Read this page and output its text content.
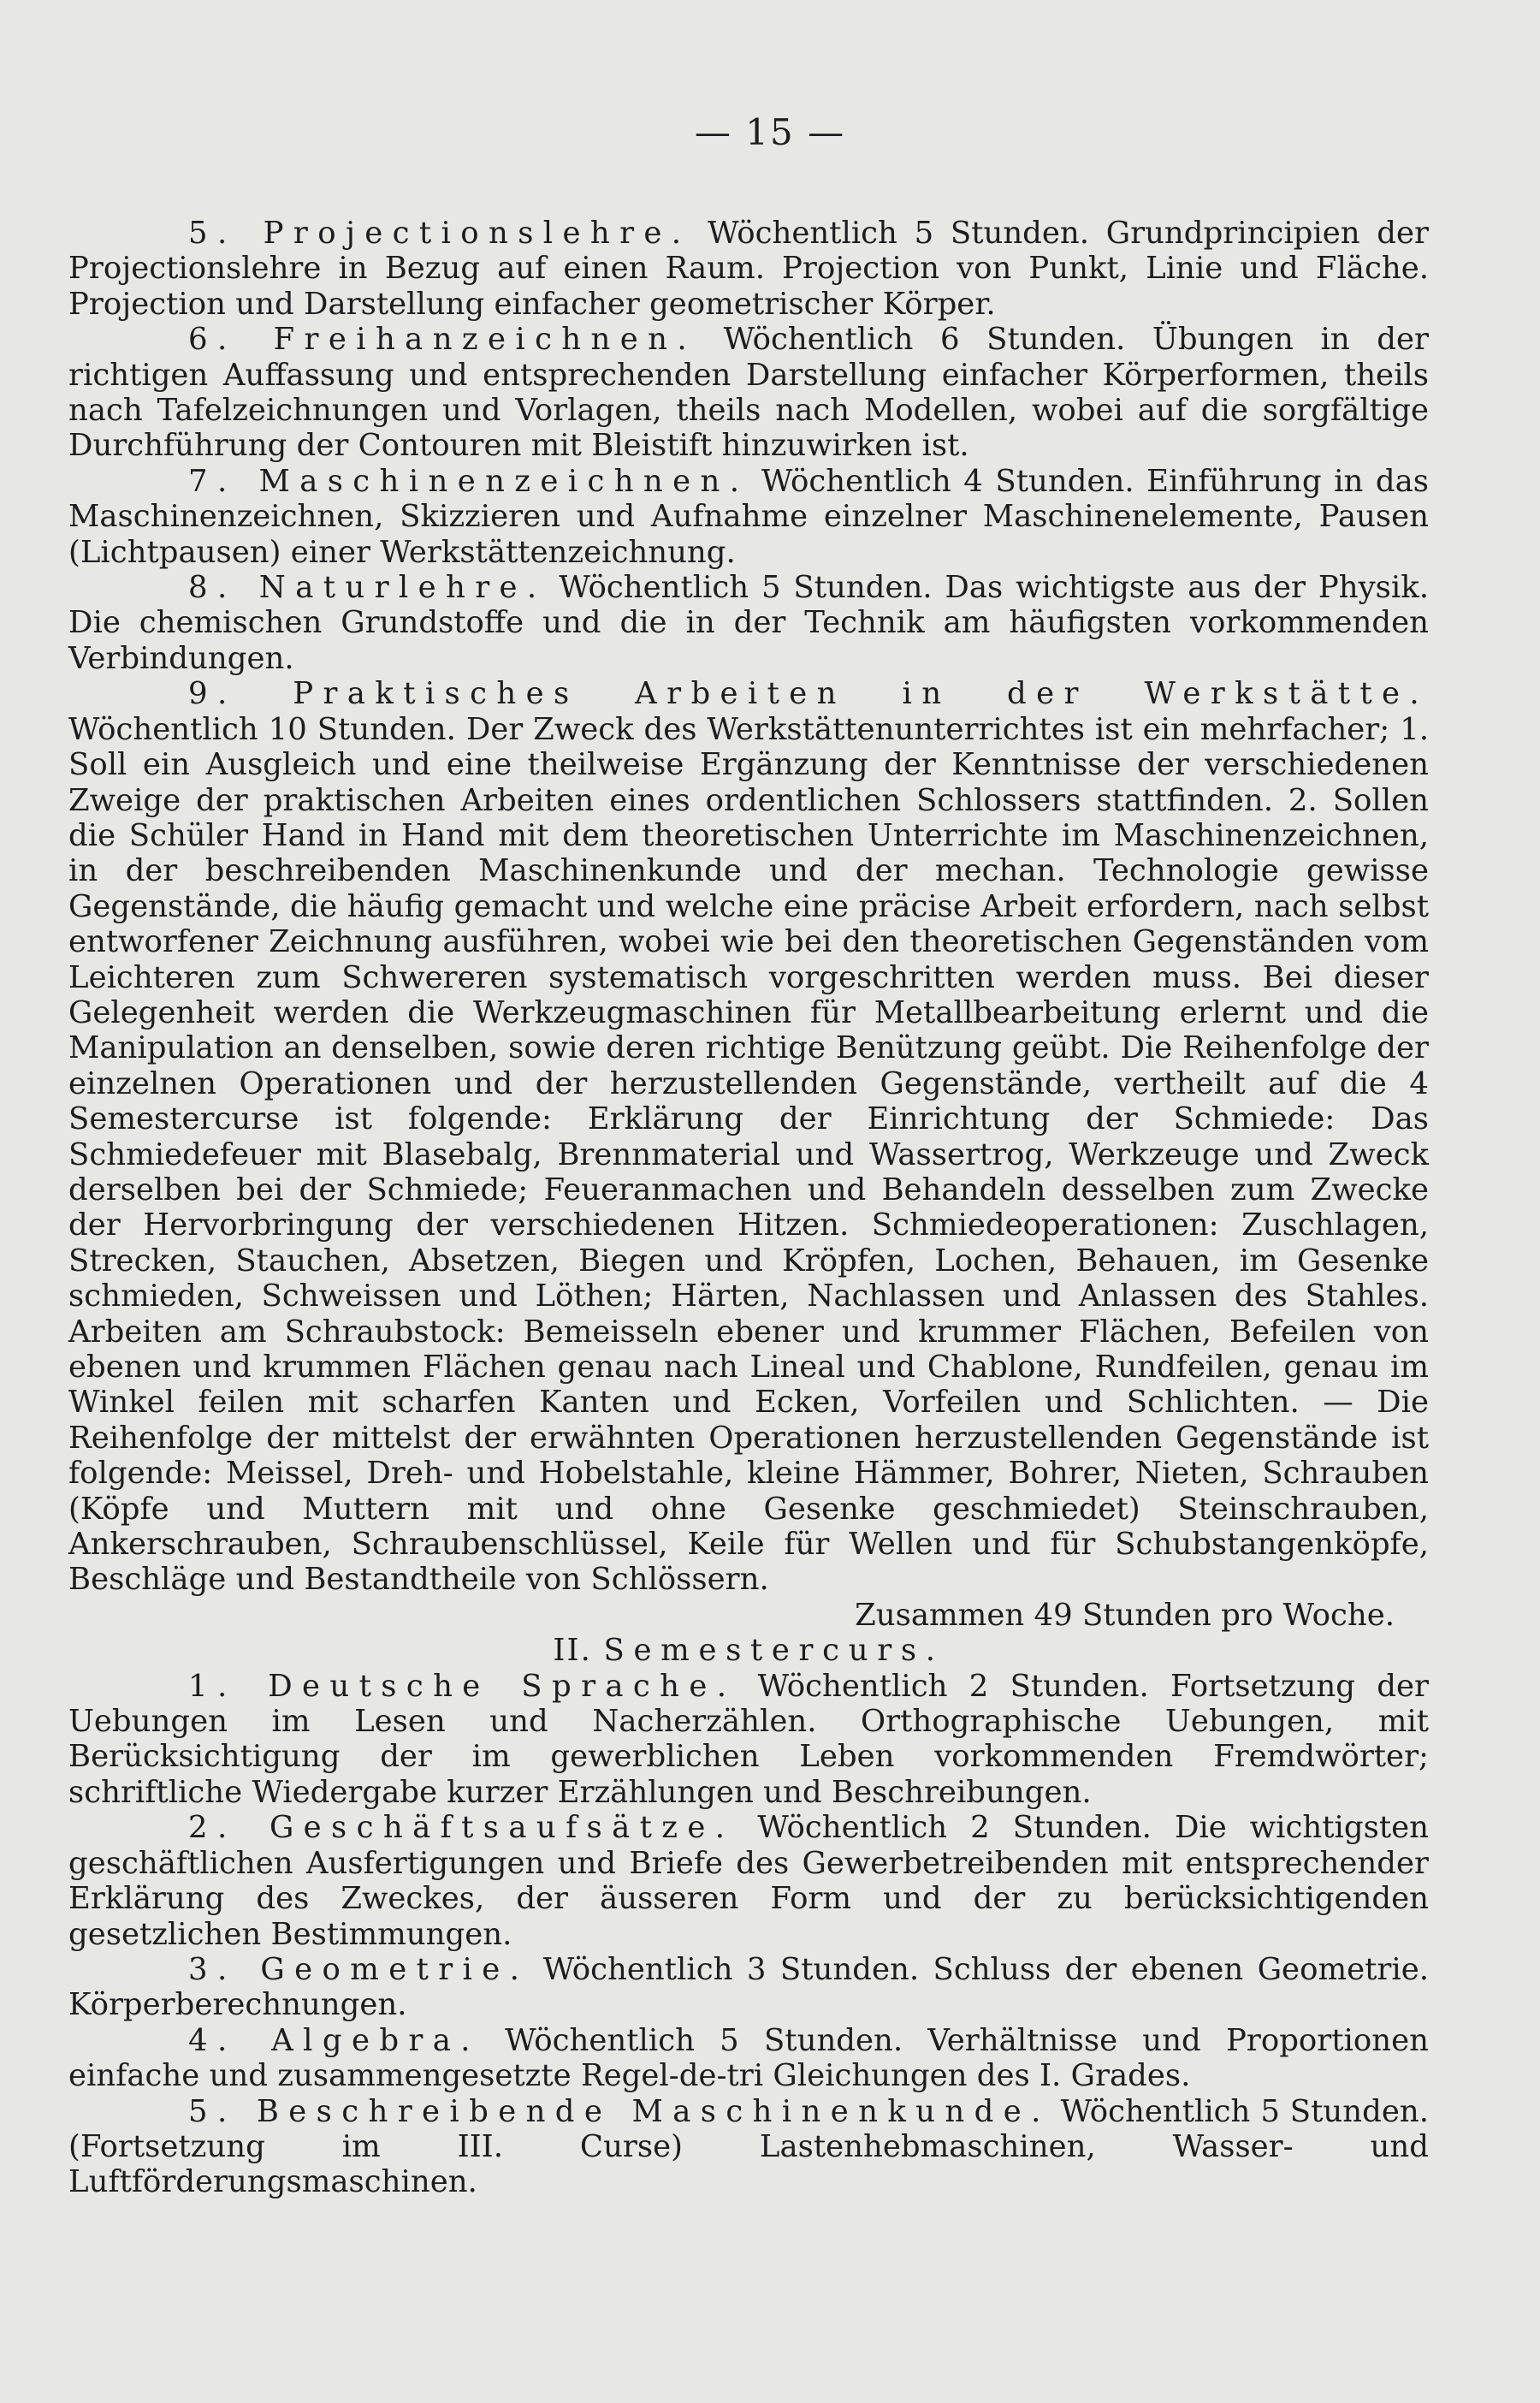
— 15 —

5. Projectionslehre. Wöchentlich 5 Stunden. Grundprincipien der Projectionslehre in Bezug auf einen Raum. Projection von Punkt, Linie und Fläche. Projection und Darstellung einfacher geometrischer Körper.

6. Freihanzeichnen. Wöchentlich 6 Stunden. Übungen in der richtigen Auffassung und entsprechenden Darstellung einfacher Körperformen, theils nach Tafelzeichnungen und Vorlagen, theils nach Modellen, wobei auf die sorgfältige Durchführung der Contouren mit Bleistift hinzuwirken ist.

7. Maschinenzeichnen. Wöchentlich 4 Stunden. Einführung in das Maschinenzeichnen, Skizzieren und Aufnahme einzelner Maschinenelemente, Pausen (Lichtpausen) einer Werkstättenzeichnung.

8. Naturlehre. Wöchentlich 5 Stunden. Das wichtigste aus der Physik. Die chemischen Grundstoffe und die in der Technik am häufigsten vorkommenden Verbindungen.

9. Praktisches Arbeiten in der Werkstätte. Wöchentlich 10 Stunden. Der Zweck des Werkstättenunterrichtes ist ein mehrfacher; 1. Soll ein Ausgleich und eine theilweise Ergänzung der Kenntnisse der verschiedenen Zweige der praktischen Arbeiten eines ordentlichen Schlossers stattfinden. 2. Sollen die Schüler Hand in Hand mit dem theoretischen Unterrichte im Maschinenzeichnen, in der beschreibenden Maschinenkunde und der mechan. Technologie gewisse Gegenstände, die häufig gemacht und welche eine präcise Arbeit erfordern, nach selbst entworfener Zeichnung ausführen, wobei wie bei den theoretischen Gegenständen vom Leichteren zum Schwereren systematisch vorgeschritten werden muss. Bei dieser Gelegenheit werden die Werkzeugmaschinen für Metallbearbeitung erlernt und die Manipulation an denselben, sowie deren richtige Benützung geübt. Die Reihenfolge der einzelnen Operationen und der herzustellenden Gegenstände, vertheilt auf die 4 Semestercurse ist folgende: Erklärung der Einrichtung der Schmiede: Das Schmiedefeuer mit Blasebalg, Brennmaterial und Wassertrog, Werkzeuge und Zweck derselben bei der Schmiede; Feueranmachen und Behandeln desselben zum Zwecke der Hervorbringung der verschiedenen Hitzen. Schmiedeoperationen: Zuschlagen, Strecken, Stauchen, Absetzen, Biegen und Kröpfen, Lochen, Behauen, im Gesenke schmieden, Schweissen und Löthen; Härten, Nachlassen und Anlassen des Stahles. Arbeiten am Schraubstock: Bemeisseln ebener und krummer Flächen, Befeilen von ebenen und krummen Flächen genau nach Lineal und Chablone, Rundfeilen, genau im Winkel feilen mit scharfen Kanten und Ecken, Vorfeilen und Schlichten. — Die Reihenfolge der mittelst der erwähnten Operationen herzustellenden Gegenstände ist folgende: Meissel, Dreh- und Hobelstahle, kleine Hämmer, Bohrer, Nieten, Schrauben (Köpfe und Muttern mit und ohne Gesenke geschmiedet) Steinschrauben, Ankerschrauben, Schraubenschlüssel, Keile für Wellen und für Schubstangenköpfe, Beschläge und Bestandtheile von Schlössern.

Zusammen 49 Stunden pro Woche.

II. Semestercurs.

1. Deutsche Sprache. Wöchentlich 2 Stunden. Fortsetzung der Uebungen im Lesen und Nacherzählen. Orthographische Uebungen, mit Berücksichtigung der im gewerblichen Leben vorkommenden Fremdwörter; schriftliche Wiedergabe kurzer Erzählungen und Beschreibungen.

2. Geschäftsaufsätze. Wöchentlich 2 Stunden. Die wichtigsten geschäftlichen Ausfertigungen und Briefe des Gewerbetreibenden mit entsprechender Erklärung des Zweckes, der äusseren Form und der zu berücksichtigenden gesetzlichen Bestimmungen.

3. Geometrie. Wöchentlich 3 Stunden. Schluss der ebenen Geometrie. Körperberechnungen.

4. Algebra. Wöchentlich 5 Stunden. Verhältnisse und Proportionen einfache und zusammengesetzte Regel-de-tri Gleichungen des I. Grades.

5. Beschreibende Maschinenkunde. Wöchentlich 5 Stunden. (Fortsetzung im III. Curse) Lastenhebmaschinen, Wasser- und Luftförderungsmaschinen.
